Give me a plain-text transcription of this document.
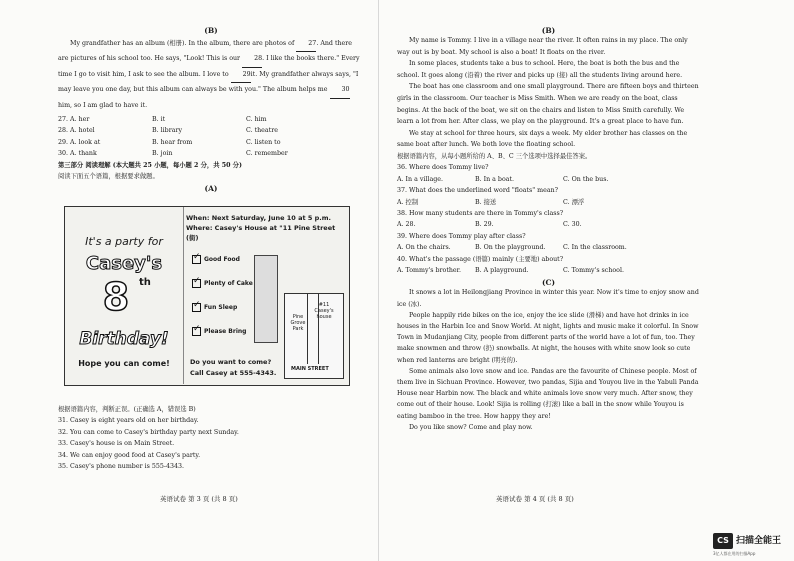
(B)

My grandfather has an album (相册). In the album, there are photos of 27. And there are pictures of his school too. He says, "Look! This is our 28. I like the books there." Every time I go to visit him, I ask to see the album. I love to 29it. My grandfather always says, "I may leave you one day, but this album can always be with you." The album helps me 30 him, so I am glad to have it.

27. A. her	B. it	C. him
28. A. hotel	B. library	C. theatre
29. A. look at	B. hear from	C. listen to
30. A. thank	B. join	C. remember
第三部分 阅读理解 (本大题共 25 小题，每小题 2 分，共 50 分)
阅读下面五个语篇，根据要求做题。
(A)
It's a party for
Casey's
8 th
Birthday!
Hope you can come!
When: Next Saturday, June 10 at 5 p.m.
Where: Casey's House at "11 Pine Street (街)
✓Good Food
✓Plenty of Cake
✓Fun Sleep
✓Please Bring
Pine Grove Park
#11 Casey's house
MAIN STREET
Do you want to come?
Call Casey at 555-4343.
根据语篇内容，判断正误。(正确选 A，错误选 B)
31. Casey is eight years old on her birthday.
32. You can come to Casey's birthday party next Sunday.
33. Casey's house is on Main Street.
34. We can enjoy good food at Casey's party.
35. Casey's phone number is 555-4343.
英语试卷 第 3 页 (共 8 页)
(B)

My name is Tommy. I live in a village near the river. It often rains in my place. The only way out is by boat. My school is also a boat! It floats on the river.

In some places, students take a bus to school. Here, the boat is both the bus and the school. It goes along (沿着) the river and picks up (接) all the students living around here.

The boat has one classroom and one small playground. There are fifteen boys and thirteen girls in the classroom. Our teacher is Miss Smith. When we are ready on the boat, class begins. At the back of the boat, we sit on the chairs and listen to Miss Smith carefully. We learn a lot from her. After class, we play on the playground. It's a great place to have fun.

We stay at school for three hours, six days a week. My elder brother has classes on the same boat after lunch. We both love the floating school.

根据语篇内容，从每小题所给的 A、B、C 三个选项中选择最佳答案。
36. Where does Tommy live?
A. In a village.	B. In a boat.	C. On the bus.
37. What does the underlined word "floats" mean?
A. 控制	B. 接送	C. 漂浮
38. How many students are there in Tommy's class?
A. 28.	B. 29.	C. 30.
39. Where does Tommy play after class?
A. On the chairs.	B. On the playground.	C. In the classroom.
40. What's the passage (语篇) mainly (主要地) about?
A. Tommy's brother.	B. A playground.	C. Tommy's school.
(C)

It snows a lot in Heilongjiang Province in winter this year. Now it's time to enjoy snow and ice (冰).

People happily ride bikes on the ice, enjoy the ice slide (滑梯) and have hot drinks in ice houses in the Harbin Ice and Snow World. At night, lights and music make it colorful. In Snow Town in Mudanjiang City, people from different parts of the world have a lot of fun, too. They make snowmen and throw (扔) snowballs. At night, the houses with white snow look so cute when red lanterns are bright (明亮的).

Some animals also love snow and ice. Pandas are the favourite of Chinese people. Most of them live in Sichuan Province. However, two pandas, Sijia and Youyou live in the Yabuli Panda House near Harbin now. The black and white animals love snow very much. After snow, they come out of their house. Look! Sijia is rolling (打滚) like a ball in the snow while Youyou is eating bamboo in the tree. How happy they are!

Do you like snow? Come and play now.

英语试卷 第 4 页 (共 8 页)
CS 扫描全能王
3亿人都在用的扫描App
